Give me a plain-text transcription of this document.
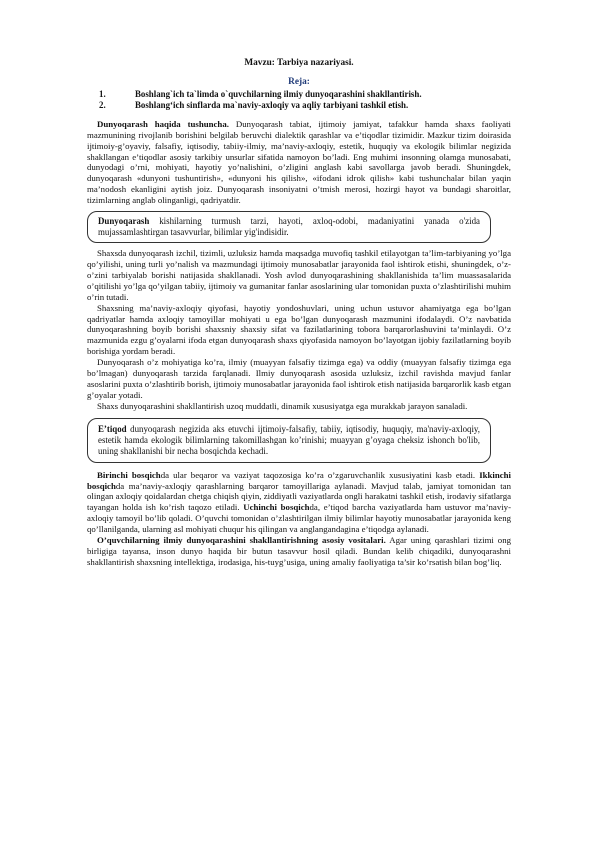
Mavzu: Tarbiya nazariyasi.
Reja:
1.	Boshlang`ich ta`limda o`quvchilarning ilmiy dunyoqarashini shakllantirish.
2.	Boshlang‘ich sinflarda ma`naviy-axloqiy va aqliy tarbiyani tashkil etish.

Dunyoqarash haqida tushuncha. Dunyoqarash tabiat, ijtimoiy jamiyat, tafakkur hamda shaxs faoliyati mazmunining rivojlanib borishini belgilab beruvchi dialektik qarashlar va e’tiqodlar tizimidir. Mazkur tizim doirasida ijtimoiy-g’oyaviy, falsafiy, iqtisodiy, tabiiy-ilmiy, ma’naviy-axloqiy, estetik, huquqiy va ekologik bilimlar negizida shakllangan e’tiqodlar asosiy tarkibiy unsurlar sifatida namoyon bo’ladi. Eng muhimi insonning olamga munosabati, dunyodagi o’rni, mohiyati, hayotiy yo’nalishini, o’zligini anglash kabi savollarga javob beradi. Shuningdek, dunyoqarash «dunyoni tushuntirish», «dunyoni his qilish», «ifodani idrok qilish» kabi tushunchalar bilan yaqin ma’nodosh ekanligini aytish joiz. Dunyoqarash insoniyatni o’tmish merosi, hozirgi hayot va bundagi sharoitlar, tizimlarning anglab olinganligi, qadriyatdir.

Dunyoqarash kishilarning turmush tarzi, hayoti, axloq-odobi, madaniyatini yanada o'zida mujassamlashtirgan tasavvurlar, bilimlar yig'indisidir.

Shaxsda dunyoqarash izchil, tizimli, uzluksiz hamda maqsadga muvofiq tashkil etilayotgan ta’lim-tarbiyaning yo’lga qo’yilishi, uning turli yo’nalish va mazmundagi ijtimoiy munosabatlar jarayonida faol ishtirok etishi, shuningdek, o’z-o’zini tarbiyalab borishi natijasida shakllanadi. Yosh avlod dunyoqarashining shakllanishida ta’lim muassasalarida o’qitilishi yo’lga qo’yilgan tabiiy, ijtimoiy va gumanitar fanlar asoslarining ular tomonidan puxta o’zlashtirilishi muhim o’rin tutadi.

Shaxsning ma’naviy-axloqiy qiyofasi, hayotiy yondoshuvlari, uning uchun ustuvor ahamiyatga ega bo’lgan qadriyatlar hamda axloqiy tamoyillar mohiyati u ega bo’lgan dunyoqarash mazmunini ifodalaydi. O’z navbatida dunyoqarashning boyib borishi shaxsniy shaxsiy sifat va fazilatlarining tobora barqarorlashuvini ta’minlaydi. O’z mazmunida ezgu g’oyalarni ifoda etgan dunyoqarash shaxs qiyofasida namoyon bo’layotgan ijobiy fazilatlarning boyib borishiga yordam beradi.

Dunyoqarash o’z mohiyatiga ko’ra, ilmiy (muayyan falsafiy tizimga ega) va oddiy (muayyan falsafiy tizimga ega bo’lmagan) dunyoqarash tarzida farqlanadi. Ilmiy dunyoqarash asosida uzluksiz, izchil ravishda mavjud fanlar asoslarini puxta o’zlashtirib borish, ijtimoiy munosabatlar jarayonida faol ishtirok etish natijasida barqarorlik kasb etgan g’oyalar yotadi.

Shaxs dunyoqarashini shakllantirish uzoq muddatli, dinamik xususiyatga ega murakkab jarayon sanaladi.

E’tiqod dunyoqarash negizida aks etuvchi ijtimoiy-falsafiy, tabiiy, iqtisodiy, huquqiy, ma'naviy-axloqiy, estetik hamda ekologik bilimlarning takomillashgan ko’rinishi; muayyan g’oyaga cheksiz ishonch bo'lib, uning shakllanishi bir necha bosqichda kechadi.

Birinchi bosqichda ular beqaror va vaziyat taqozosiga ko’ra o’zgaruvchanlik xususiyatini kasb etadi. Ikkinchi bosqichda ma’naviy-axloqiy qarashlarning barqaror tamoyillariga aylanadi. Mavjud talab, jamiyat tomonidan tan olingan axloqiy qoidalardan chetga chiqish qiyin, ziddiyatli vaziyatlarda ongli harakatni tashkil etish, irodaviy sifatlarga tayangan holda ish ko’rish taqozo etiladi. Uchinchi bosqichda, e’tiqod barcha vaziyatlarda ham ustuvor ma’naviy-axloqiy tamoyil bo’lib qoladi. O’quvchi tomonidan o’zlashtirilgan ilmiy bilimlar hayotiy munosabatlar jarayonida keng qo’llanilganda, ularning asl mohiyati chuqur his qilingan va anglangandagina e’tiqodga aylanadi.

O’quvchilarning ilmiy dunyoqarashini shakllantirishning asosiy vositalari. Agar uning qarashlari tizimi ong birligiga tayansa, inson dunyo haqida bir butun tasavvur hosil qiladi. Bundan kelib chiqadiki, dunyoqarashni shakllantirish shaxsning intellektiga, irodasiga, his-tuyg’usiga, uning amaliy faoliyatiga ta’sir ko’rsatish bilan bog’liq.
